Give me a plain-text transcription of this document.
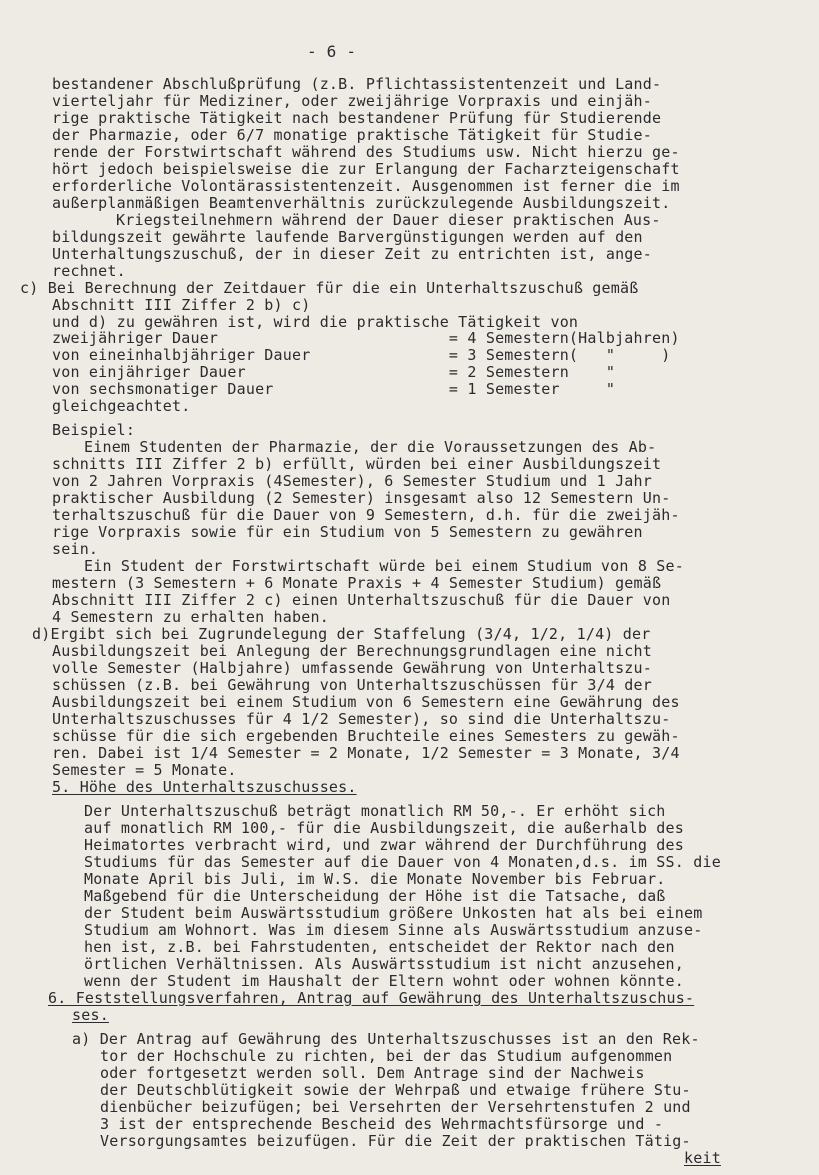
- 6 -
bestandener Abschlußprüfung (z.B. Pflichtassistentenzeit und Land-
vierteljahr für Mediziner, oder zweijährige Vorpraxis und einjäh-
rige praktische Tätigkeit nach bestandener Prüfung für Studierende
der Pharmazie, oder 6/7 monatige praktische Tätigkeit für Studie-
rende der Forstwirtschaft während des Studiums usw. Nicht hierzu ge-
hört jedoch beispielsweise die zur Erlangung der Facharzteigenschaft
erforderliche Volontärassistentenzeit. Ausgenommen ist ferner die im
außerplanmäßigen Beamtenverhältnis zurückzulegende Ausbildungszeit.
Kriegsteilnehmern während der Dauer dieser praktischen Aus-
bildungszeit gewährte laufende Barvergünstigungen werden auf den
Unterhaltungszuschuß, der in dieser Zeit zu entrichten ist, ange-
rechnet.
c) Bei Berechnung der Zeitdauer für die ein Unterhaltszuschuß gemäß
Abschnitt III Ziffer 2 b) c)
und d) zu gewähren ist, wird die praktische Tätigkeit von
zweijähriger Dauer                         = 4 Semestern(Halbjahren)
von eineinhalbjähriger Dauer               = 3 Semestern(   "     )
von einjähriger Dauer                      = 2 Semestern    "
von sechsmonatiger Dauer                   = 1 Semester     "
gleichgeachtet.
Beispiel:
Einem Studenten der Pharmazie, der die Voraussetzungen des Ab-
schnitts III Ziffer 2 b) erfüllt, würden bei einer Ausbildungszeit
von 2 Jahren Vorpraxis (4Semester), 6 Semester Studium und 1 Jahr
praktischer Ausbildung (2 Semester) insgesamt also 12 Semestern Un-
terhaltszuschuß für die Dauer von 9 Semestern, d.h. für die zweijäh-
rige Vorpraxis sowie für ein Studium von 5 Semestern zu gewähren
sein.
Ein Student der Forstwirtschaft würde bei einem Studium von 8 Se-
mestern (3 Semestern + 6 Monate Praxis + 4 Semester Studium) gemäß
Abschnitt III Ziffer 2 c) einen Unterhaltszuschuß für die Dauer von
4 Semestern zu erhalten haben.
d)Ergibt sich bei Zugrundelegung der Staffelung (3/4, 1/2, 1/4) der
Ausbildungszeit bei Anlegung der Berechnungsgrundlagen eine nicht
volle Semester (Halbjahre) umfassende Gewährung von Unterhaltszu-
schüssen (z.B. bei Gewährung von Unterhaltszuschüssen für 3/4 der
Ausbildungszeit bei einem Studium von 6 Semestern eine Gewährung des
Unterhaltszuschusses für 4 1/2 Semester), so sind die Unterhaltszu-
schüsse für die sich ergebenden Bruchteile eines Semesters zu gewäh-
ren. Dabei ist 1/4 Semester = 2 Monate, 1/2 Semester = 3 Monate, 3/4
Semester = 5 Monate.
5. Höhe des Unterhaltszuschusses.
Der Unterhaltszuschuß beträgt monatlich RM 50,-. Er erhöht sich
auf monatlich RM 100,- für die Ausbildungszeit, die außerhalb des
Heimatortes verbracht wird, und zwar während der Durchführung des
Studiums für das Semester auf die Dauer von 4 Monaten,d.s. im SS. die
Monate April bis Juli, im W.S. die Monate November bis Februar.
Maßgebend für die Unterscheidung der Höhe ist die Tatsache, daß
der Student beim Auswärtsstudium größere Unkosten hat als bei einem
Studium am Wohnort. Was im diesem Sinne als Auswärtsstudium anzuse-
hen ist, z.B. bei Fahrstudenten, entscheidet der Rektor nach den
örtlichen Verhältnissen. Als Auswärtsstudium ist nicht anzusehen,
wenn der Student im Haushalt der Eltern wohnt oder wohnen könnte.
6. Feststellungsverfahren, Antrag auf Gewährung des Unterhaltszuschus-
ses.
a) Der Antrag auf Gewährung des Unterhaltszuschusses ist an den Rek-
tor der Hochschule zu richten, bei der das Studium aufgenommen
oder fortgesetzt werden soll. Dem Antrage sind der Nachweis
der Deutschblütigkeit sowie der Wehrpaß und etwaige frühere Stu-
dienbücher beizufügen; bei Versehrten der Versehrtenstufen 2 und
3 ist der entsprechende Bescheid des Wehrmachtsfürsorge und -
Versorgungsamtes beizufügen. Für die Zeit der praktischen Tätig-
keit
